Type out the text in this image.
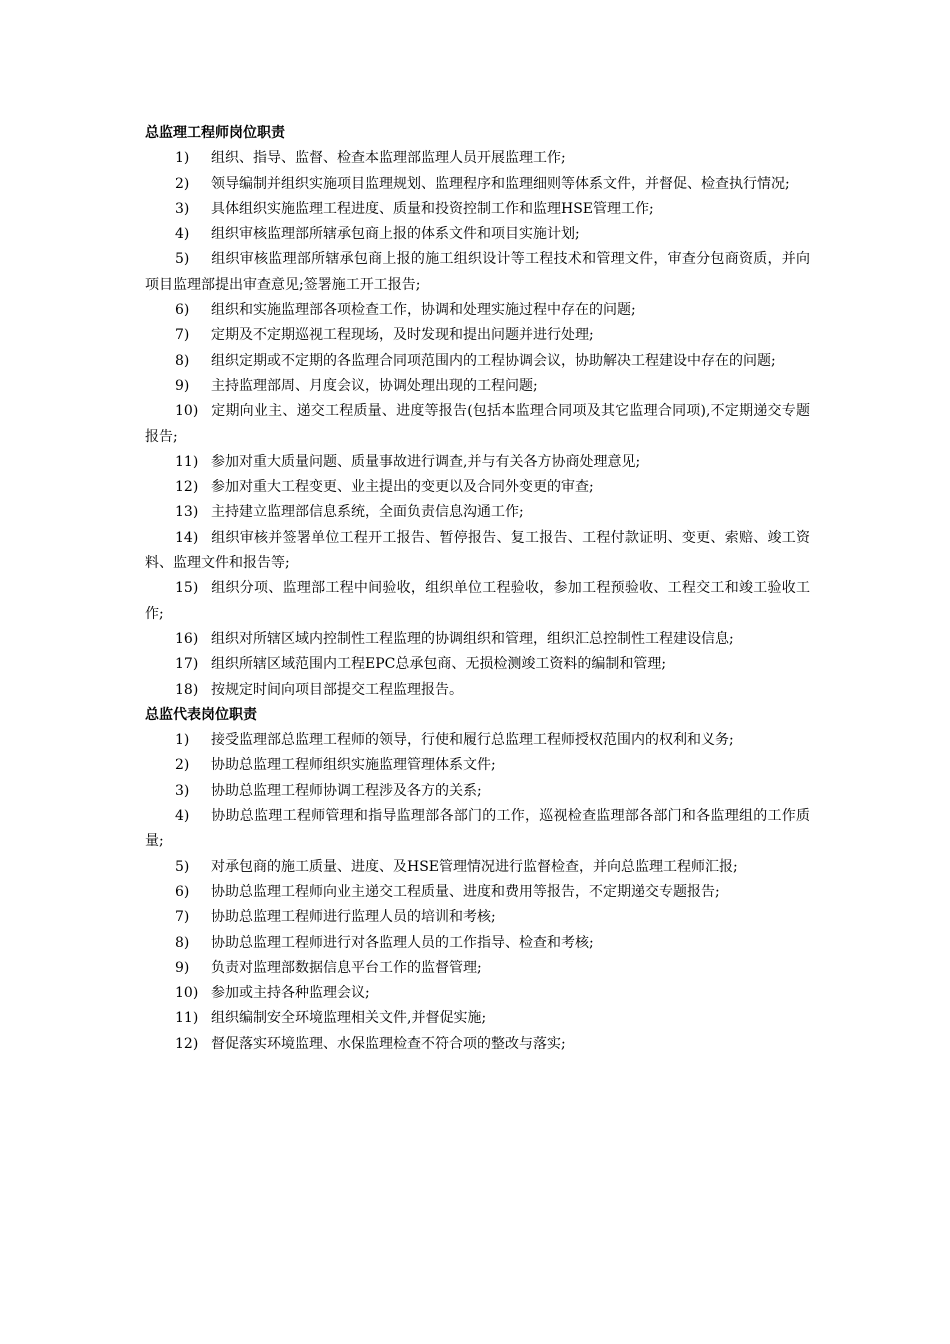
总监理工程师岗位职责

1) 组织、指导、监督、检查本监理部监理人员开展监理工作;

2) 领导编制并组织实施项目监理规划、监理程序和监理细则等体系文件，并督促、检查执行情况;

3) 具体组织实施监理工程进度、质量和投资控制工作和监理HSE管理工作;

4) 组织审核监理部所辖承包商上报的体系文件和项目实施计划;

5) 组织审核监理部所辖承包商上报的施工组织设计等工程技术和管理文件，审查分包商资质，并向项目监理部提出审查意见;签署施工开工报告;

6) 组织和实施监理部各项检查工作，协调和处理实施过程中存在的问题;

7) 定期及不定期巡视工程现场，及时发现和提出问题并进行处理;

8) 组织定期或不定期的各监理合同项范围内的工程协调会议，协助解决工程建设中存在的问题;

9) 主持监理部周、月度会议，协调处理出现的工程问题;

10) 定期向业主、递交工程质量、进度等报告(包括本监理合同项及其它监理合同项),不定期递交专题报告;

11) 参加对重大质量问题、质量事故进行调查,并与有关各方协商处理意见;

12) 参加对重大工程变更、业主提出的变更以及合同外变更的审查;

13) 主持建立监理部信息系统，全面负责信息沟通工作;

14) 组织审核并签署单位工程开工报告、暂停报告、复工报告、工程付款证明、变更、索赔、竣工资料、监理文件和报告等;

15) 组织分项、监理部工程中间验收，组织单位工程验收，参加工程预验收、工程交工和竣工验收工作;

16) 组织对所辖区域内控制性工程监理的协调组织和管理，组织汇总控制性工程建设信息;

17) 组织所辖区域范围内工程EPC总承包商、无损检测竣工资料的编制和管理;

18) 按规定时间向项目部提交工程监理报告。

总监代表岗位职责

1) 接受监理部总监理工程师的领导，行使和履行总监理工程师授权范围内的权利和义务;

2) 协助总监理工程师组织实施监理管理体系文件;

3) 协助总监理工程师协调工程涉及各方的关系;

4) 协助总监理工程师管理和指导监理部各部门的工作，巡视检查监理部各部门和各监理组的工作质量;

5) 对承包商的施工质量、进度、及HSE管理情况进行监督检查，并向总监理工程师汇报;

6) 协助总监理工程师向业主递交工程质量、进度和费用等报告，不定期递交专题报告;

7) 协助总监理工程师进行监理人员的培训和考核;

8) 协助总监理工程师进行对各监理人员的工作指导、检查和考核;

9) 负责对监理部数据信息平台工作的监督管理;

10) 参加或主持各种监理会议;

11) 组织编制安全环境监理相关文件,并督促实施;

12) 督促落实环境监理、水保监理检查不符合项的整改与落实;
